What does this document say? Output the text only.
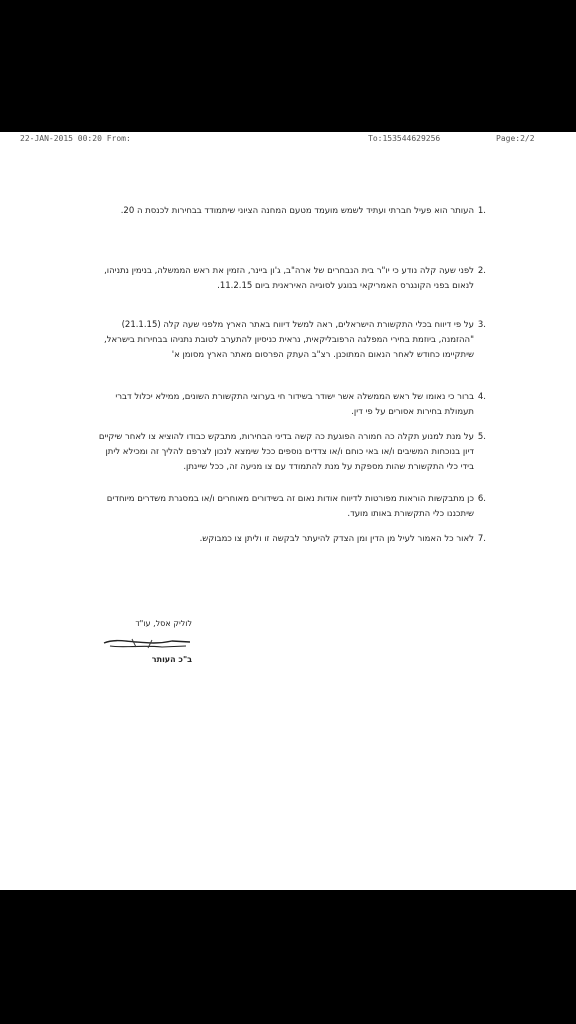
22-JAN-2015 00:20 From:	To:153544629256	Page:2/2
1.
העותר הוא פעיל חברתי ועתיד לשמש מועמד מטעם המחנה הציוני שיתמודד בבחירות לכנסת ה 20.
2.
לפני שעה קלה נודע כי יו"ר בית הנבחרים של ארה"ב, ג'ון ביינר, הזמין את ראש הממשלה, בנימין נתניהו, לנאום בפני הקונגרס האמריקאי בנוגע לסוגייה האיראנית ביום 11.2.15.
3.
על פי דיווח בכלי התקשורת הישראלים, ראה למשל דיווח באתר הארץ מלפני שעה קלה (21.1.15) "ההזמנה, ביוזמת בחירי המפלגה הרפובליקאית, נראית כניסיון להתערב לטובת נתניהו בבחירות בישראל, שיתקיימו כחודש לאחר הנאום המתוכנן. רצ"ב העתק הפרסום מאתר הארץ מסומן א'
4.
ברור כי נאומו של ראש הממשלה אשר ישודר בשידור חי בערוצי התקשורת השונים, ממילא יכלול דברי תעמולת בחירות אסורים על פי דין.
5.
על מנת למנוע תקלה כה חמורה הפוגעת כה קשה בדיני הבחירות, מתבקש כבודו להוציא צו לאחר שיקיים דיון בנוכחות המשיבים ו/או באי כוחם ו/או צדדים נוספים ככל שימצא לנכון לצרפם להליך זה ומכילא ליתן בידי כלי התקשורת שהות מספקת על מנת להתמודד עם צו מניעה זה, ככל שיינתן.
6.
כן מתבקשות הוראות מפורטות לדיווח אודות נאום זה בשידורים מאוחרים ו/או במסגרת משדרים מיוחדים שיתכננו כלי התקשורת באותו מועד.
7.
לאור כל האמור לעיל מן הדין ומן הצדק להיעתר לבקשה זו וליתן צו כמבוקש.
לוליק אסל, עו"ד
ב"כ העותר
